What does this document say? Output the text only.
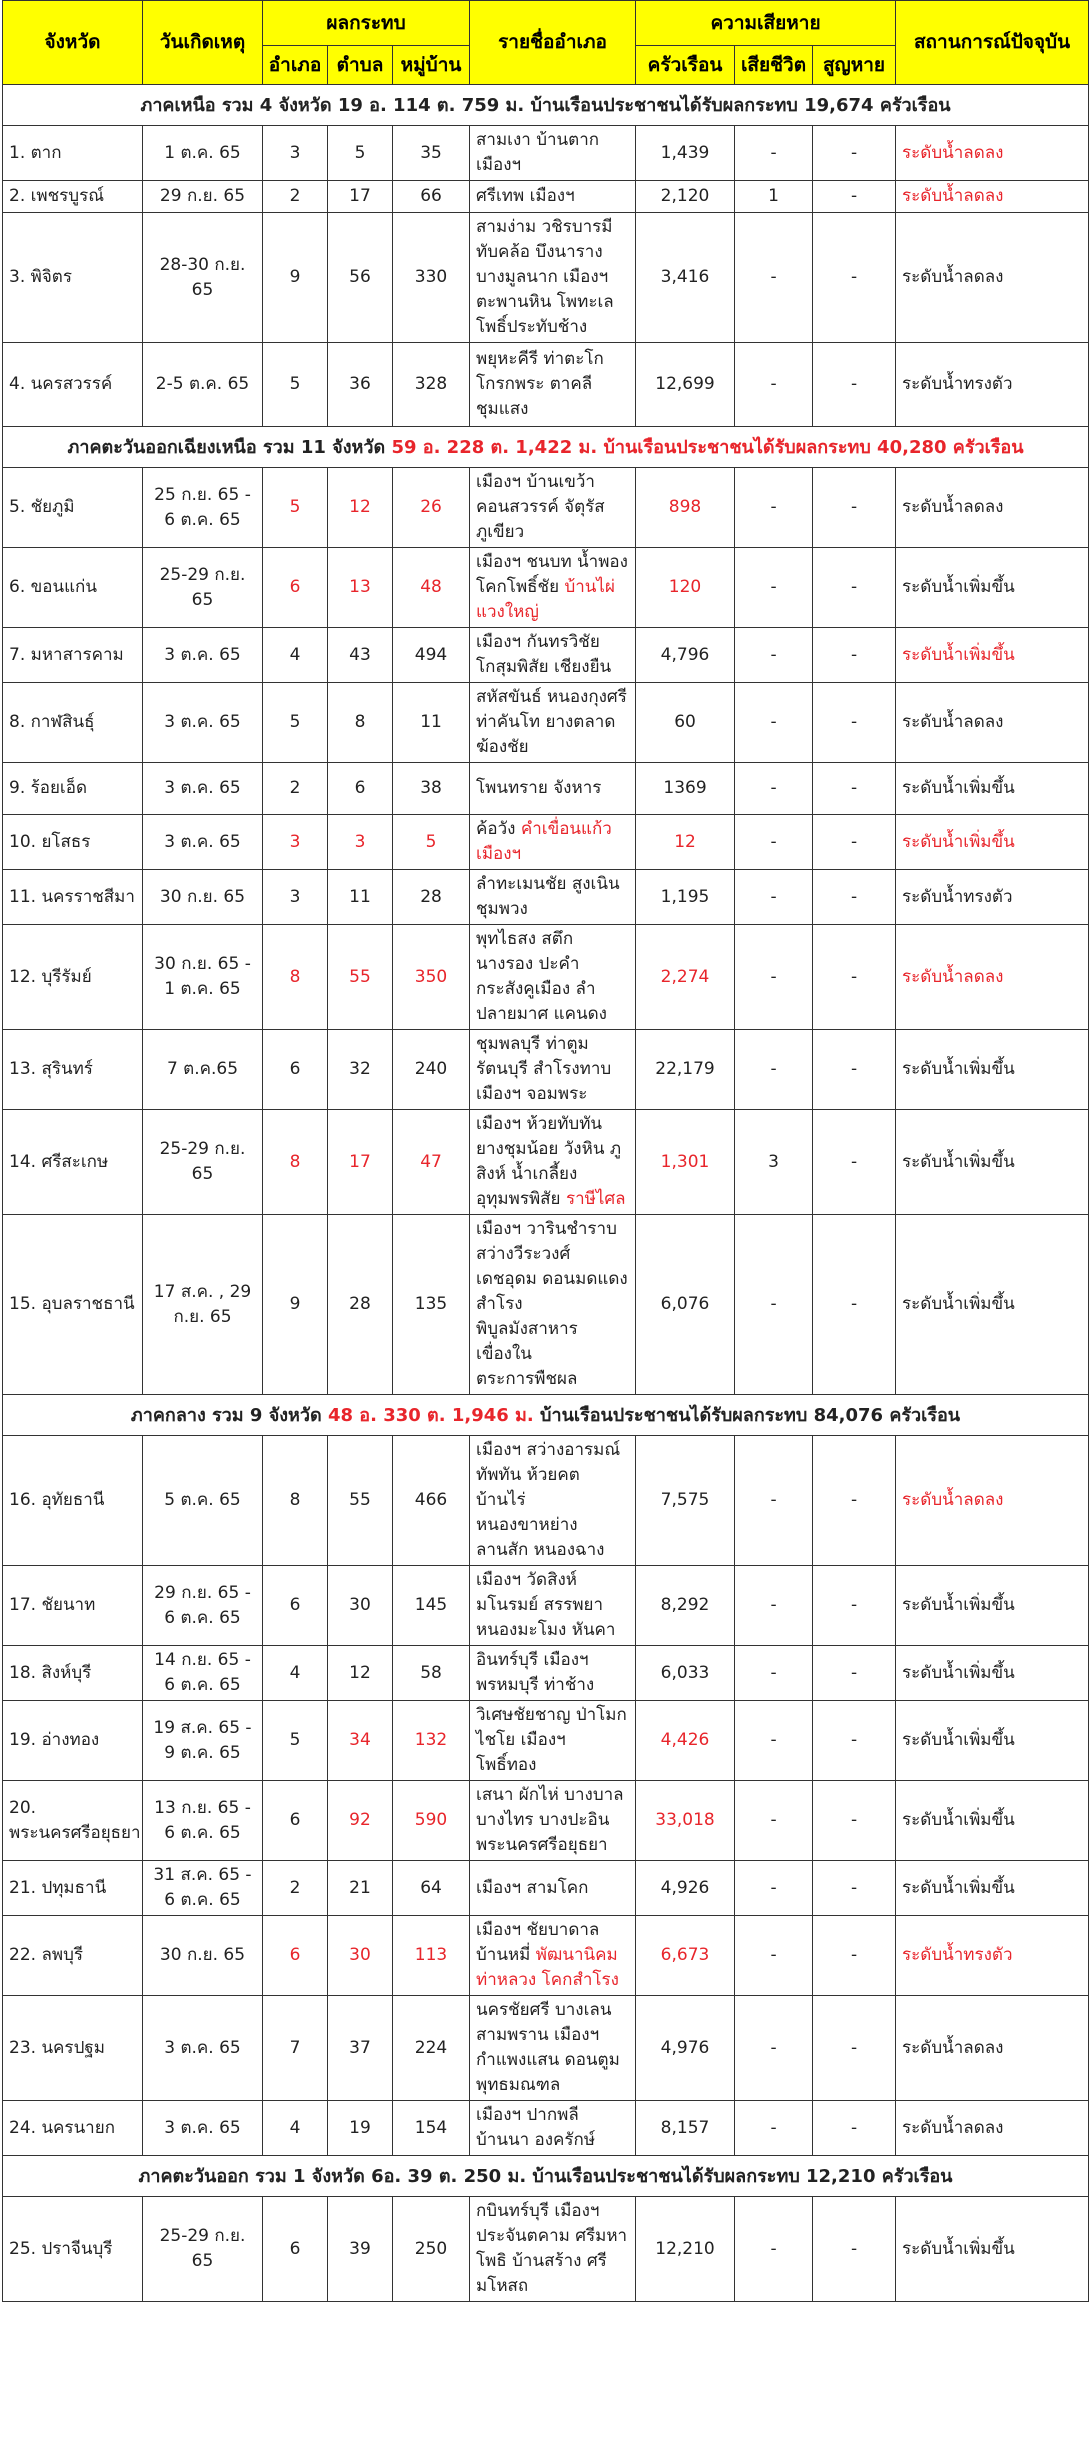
จังหวัด	วันเกิดเหตุ	ผลกระทบ			รายชื่ออำเภอ	ความเสียหาย			สถานการณ์ปัจจุบัน
		อำเภอ	ตำบล	หมู่บ้าน		ครัวเรือน	เสียชีวิต	สูญหาย	
ภาคเหนือ รวม 4 จังหวัด 19 อ. 114 ต. 759 ม. บ้านเรือนประชาชนได้รับผลกระทบ 19,674 ครัวเรือน									
1. ตาก	1 ต.ค. 65	3	5	35	สามเงา บ้านตาก เมืองฯ	1,439	-	-	ระดับน้ำลดลง
2. เพชรบูรณ์	29 ก.ย. 65	2	17	66	ศรีเทพ เมืองฯ	2,120	1	-	ระดับน้ำลดลง
3. พิจิตร	28-30 ก.ย. 65	9	56	330	สามง่าม วชิรบารมี ทับคล้อ บึงนาราง บางมูลนาก เมืองฯ ตะพานหิน โพทะเล โพธิ์ประทับช้าง	3,416	-	-	ระดับน้ำลดลง
4. นครสวรรค์	2-5 ต.ค. 65	5	36	328	พยุหะคีรี ท่าตะโก โกรกพระ ตาคลี ชุมแสง	12,699	-	-	ระดับน้ำทรงตัว
ภาคตะวันออกเฉียงเหนือ รวม 11 จังหวัด 59 อ. 228 ต. 1,422 ม. บ้านเรือนประชาชนได้รับผลกระทบ 40,280 ครัวเรือน									
5. ชัยภูมิ	25 ก.ย. 65 - 6 ต.ค. 65	5	12	26	เมืองฯ บ้านเขว้า คอนสวรรค์ จัตุรัส ภูเขียว	898	-	-	ระดับน้ำลดลง
6. ขอนแก่น	25-29 ก.ย. 65	6	13	48	เมืองฯ ชนบท น้ำพอง โคกโพธิ์ชัย บ้านไผ่ แวงใหญ่	120	-	-	ระดับน้ำเพิ่มขึ้น
7. มหาสารคาม	3 ต.ค. 65	4	43	494	เมืองฯ กันทรวิชัย โกสุมพิสัย เชียงยืน	4,796	-	-	ระดับน้ำเพิ่มขึ้น
8. กาฬสินธุ์	3 ต.ค. 65	5	8	11	สหัสขันธ์ หนองกุงศรี ท่าคันโท ยางตลาด ฆ้องชัย	60	-	-	ระดับน้ำลดลง
9. ร้อยเอ็ด	3 ต.ค. 65	2	6	38	โพนทราย จังหาร	1369	-	-	ระดับน้ำเพิ่มขึ้น
10. ยโสธร	3 ต.ค. 65	3	3	5	ค้อวัง คำเขื่อนแก้ว เมืองฯ	12	-	-	ระดับน้ำเพิ่มขึ้น
11. นครราชสีมา	30 ก.ย. 65	3	11	28	ลำทะเมนชัย สูงเนิน ชุมพวง	1,195	-	-	ระดับน้ำทรงตัว
12. บุรีรัมย์	30 ก.ย. 65 - 1 ต.ค. 65	8	55	350	พุทไธสง สตึก นางรอง ปะคำ กระสังคูเมือง ลำปลายมาศ แคนดง	2,274	-	-	ระดับน้ำลดลง
13. สุรินทร์	7 ต.ค.65	6	32	240	ชุมพลบุรี ท่าตูม รัตนบุรี สำโรงทาบ เมืองฯ จอมพระ	22,179	-	-	ระดับน้ำเพิ่มขึ้น
14. ศรีสะเกษ	25-29 ก.ย. 65	8	17	47	เมืองฯ ห้วยทับทัน ยางชุมน้อย วังหิน ภูสิงห์ น้ำเกลี้ยง อุทุมพรพิสัย ราษีไศล	1,301	3	-	ระดับน้ำเพิ่มขึ้น
15. อุบลราชธานี	17 ส.ค. , 29 ก.ย. 65	9	28	135	เมืองฯ วารินชำราบ สว่างวีระวงศ์ เดชอุดม ดอนมดแดง สำโรง พิบูลมังสาหาร เขื่องใน ตระการพืชผล	6,076	-	-	ระดับน้ำเพิ่มขึ้น
ภาคกลาง รวม 9 จังหวัด 48 อ. 330 ต. 1,946 ม. บ้านเรือนประชาชนได้รับผลกระทบ 84,076 ครัวเรือน									
16. อุทัยธานี	5 ต.ค. 65	8	55	466	เมืองฯ สว่างอารมณ์ ทัพทัน ห้วยคต บ้านไร่ หนองขาหย่าง ลานสัก หนองฉาง	7,575	-	-	ระดับน้ำลดลง
17. ชัยนาท	29 ก.ย. 65 - 6 ต.ค. 65	6	30	145	เมืองฯ วัดสิงห์ มโนรมย์ สรรพยา หนองมะโมง หันคา	8,292	-	-	ระดับน้ำเพิ่มขึ้น
18. สิงห์บุรี	14 ก.ย. 65 - 6 ต.ค. 65	4	12	58	อินทร์บุรี เมืองฯ พรหมบุรี ท่าช้าง	6,033	-	-	ระดับน้ำเพิ่มขึ้น
19. อ่างทอง	19 ส.ค. 65 - 9 ต.ค. 65	5	34	132	วิเศษชัยชาญ ป่าโมก ไชโย เมืองฯ โพธิ์ทอง	4,426	-	-	ระดับน้ำเพิ่มขึ้น
20. พระนครศรีอยุธยา	13 ก.ย. 65 - 6 ต.ค. 65	6	92	590	เสนา ผักไห่ บางบาล บางไทร บางปะอิน พระนครศรีอยุธยา	33,018	-	-	ระดับน้ำเพิ่มขึ้น
21. ปทุมธานี	31 ส.ค. 65 - 6 ต.ค. 65	2	21	64	เมืองฯ สามโคก	4,926	-	-	ระดับน้ำเพิ่มขึ้น
22. ลพบุรี	30 ก.ย. 65	6	30	113	เมืองฯ ชัยบาดาล บ้านหมี่ พัฒนานิคม ท่าหลวง โคกสำโรง	6,673	-	-	ระดับน้ำทรงตัว
23. นครปฐม	3 ต.ค. 65	7	37	224	นครชัยศรี บางเลน สามพราน เมืองฯ กำแพงแสน ดอนตูม พุทธมณฑล	4,976	-	-	ระดับน้ำลดลง
24. นครนายก	3 ต.ค. 65	4	19	154	เมืองฯ ปากพลี บ้านนา องครักษ์	8,157	-	-	ระดับน้ำลดลง
ภาคตะวันออก รวม 1 จังหวัด 6อ. 39 ต. 250 ม. บ้านเรือนประชาชนได้รับผลกระทบ 12,210 ครัวเรือน									
25. ปราจีนบุรี	25-29 ก.ย. 65	6	39	250	กบินทร์บุรี เมืองฯ ประจันตคาม ศรีมหาโพธิ บ้านสร้าง ศรีมโหสถ	12,210	-	-	ระดับน้ำเพิ่มขึ้น
